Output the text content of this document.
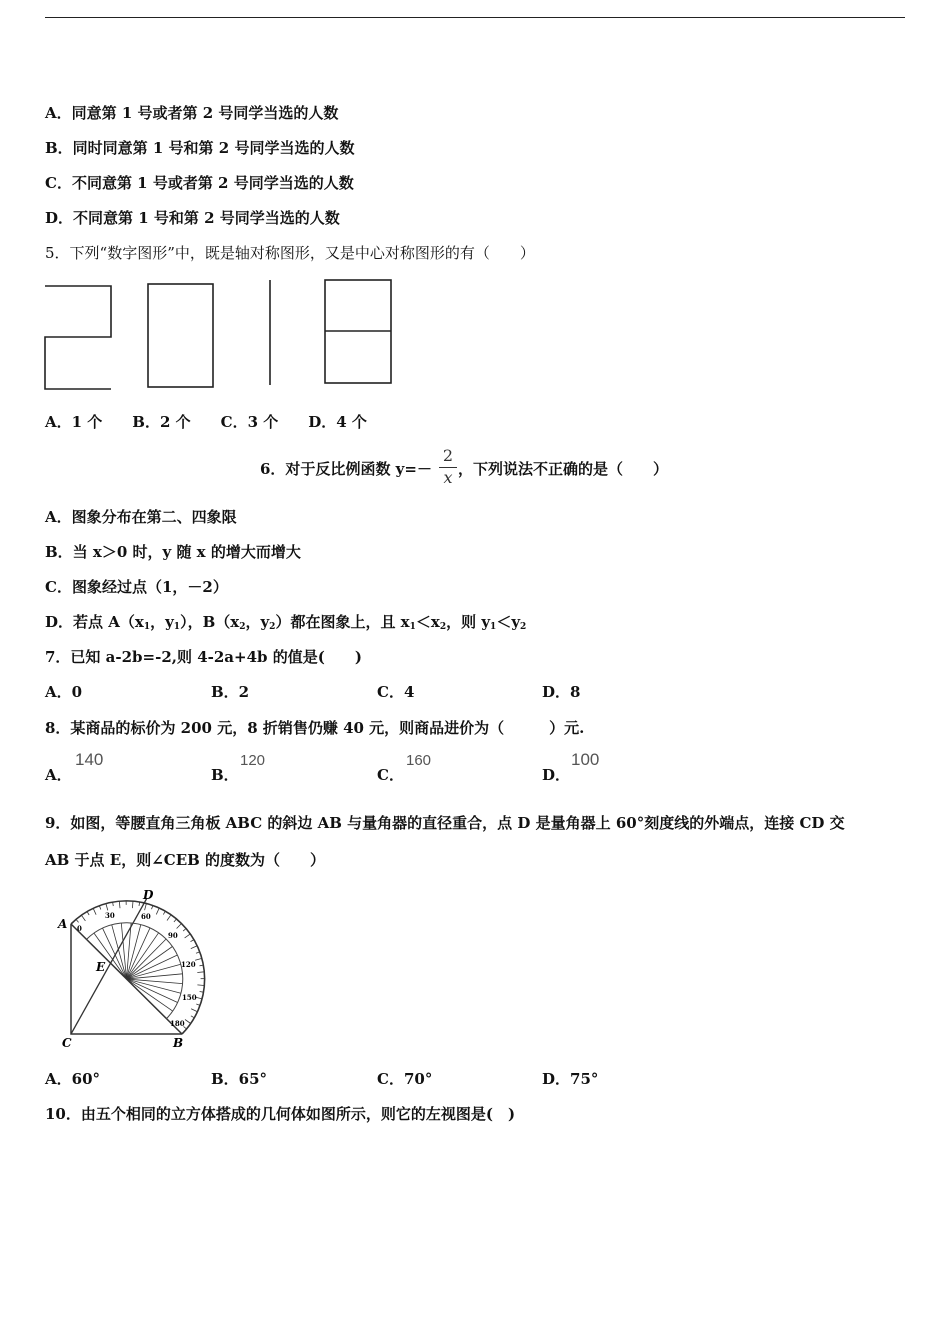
A．同意第 1 号或者第 2 号同学当选的人数
B．同时同意第 1 号和第 2 号同学当选的人数
C．不同意第 1 号或者第 2 号同学当选的人数
D．不同意第 1 号和第 2 号同学当选的人数
5．下列“数字图形”中，既是轴对称图形，又是中心对称图形的有（　　）
A．1 个　　B．2 个　　C．3 个　　D．4 个
6．对于反比例函数 y=－
2
x ，下列说法不正确的是（　　）
A．图象分布在第二、四象限
B．当 x＞0 时，y 随 x 的增大而增大
C．图象经过点（1，－2）
D．若点 $A(x_1$，$y_1$），$B(x_2$，$y_2$）都在图象上，且 $x_1<x_2$，则 $y_1<y_2$
7．已知 a-2b=-2,则 4-2a+4b 的值是(　　)
A．0	B．2	C．4	D．8
8．某商品的标价为 200 元，8 折销售仍赚 40 元，则商品进价为（　　　）元.
A．
140
B．
120
C．
160
D．
100
9．如图，等腰直角三角板 ABC 的斜边 AB 与量角器的直径重合，点 D 是量角器上 60°刻度线的外端点，连接 CD 交
AB 于点 E，则∠CEB 的度数为（　　）
A
C	B
D
E
0
30	60
90
120
150
180
A．60°	B．65°	C．70°	D．75°
10．由五个相同的立方体搭成的几何体如图所示，则它的左视图是(　)
